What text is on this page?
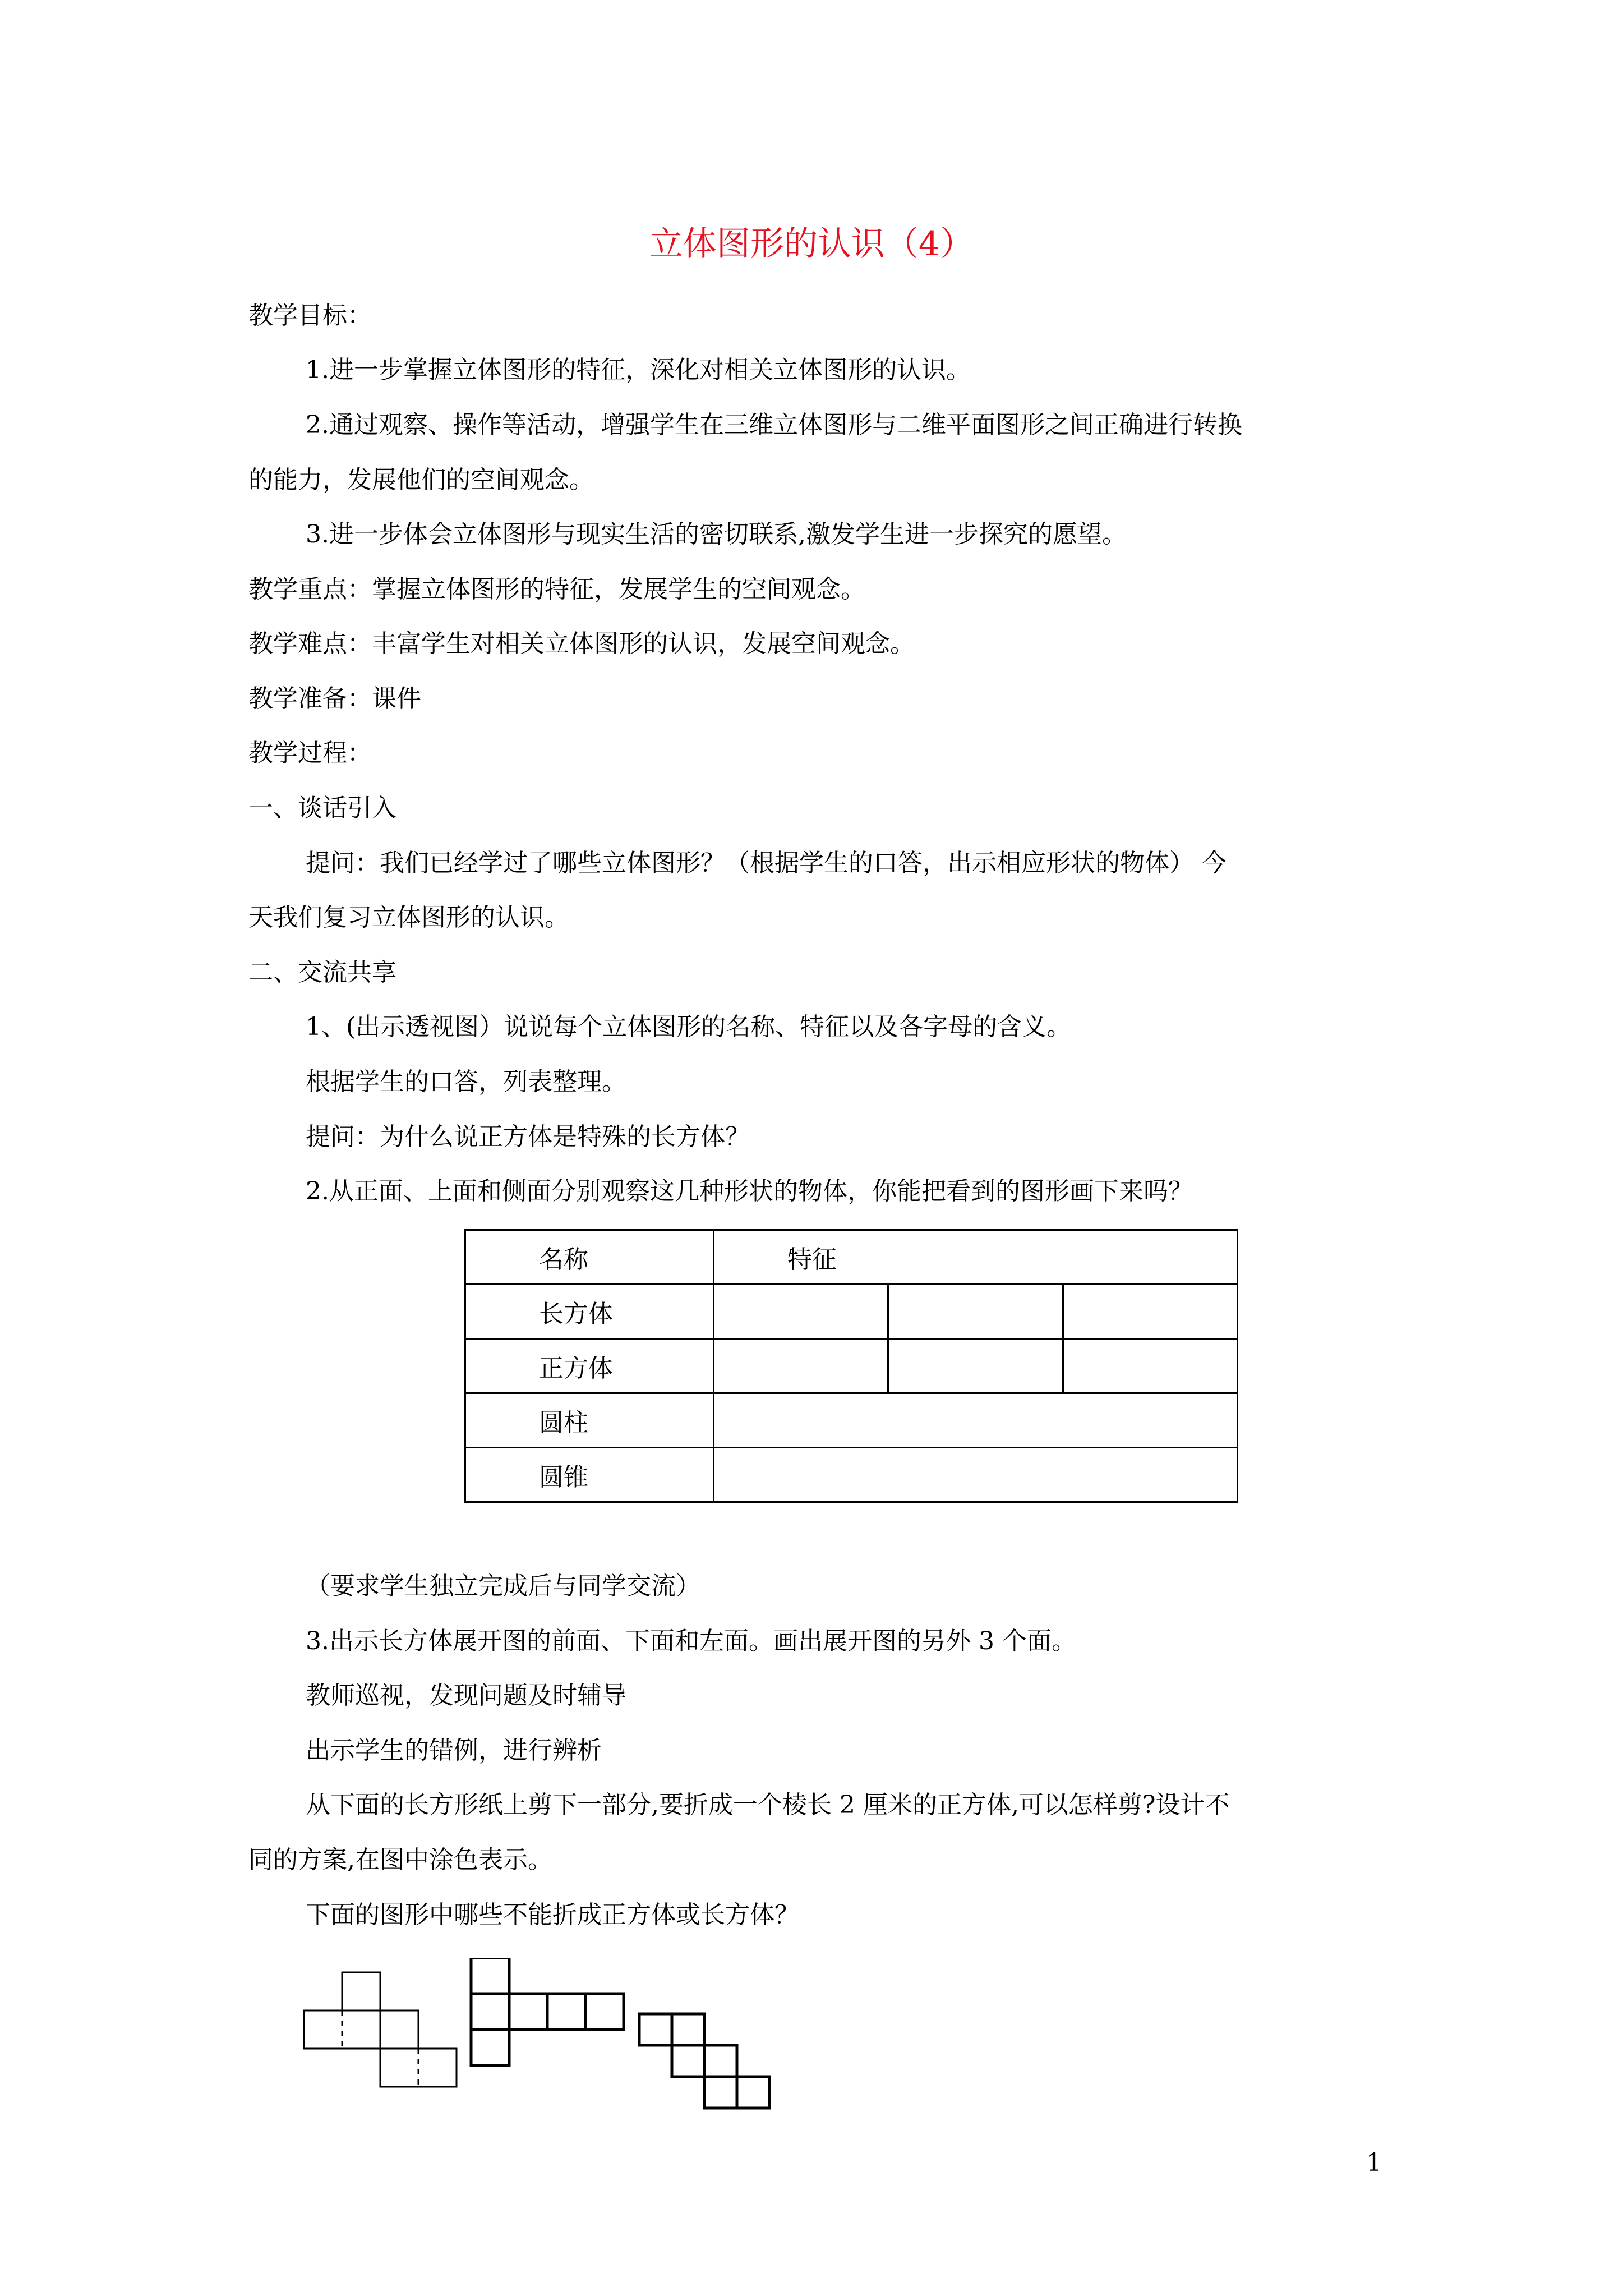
立体图形的认识（4）
教学目标：
1.进一步掌握立体图形的特征，深化对相关立体图形的认识。
2.通过观察、操作等活动，增强学生在三维立体图形与二维平面图形之间正确进行转换
的能力，发展他们的空间观念。
3.进一步体会立体图形与现实生活的密切联系,激发学生进一步探究的愿望。
教学重点：掌握立体图形的特征，发展学生的空间观念。
教学难点：丰富学生对相关立体图形的认识，发展空间观念。
教学准备：课件
教学过程：
一、谈话引入
提问：我们已经学过了哪些立体图形？（根据学生的口答，出示相应形状的物体） 今
天我们复习立体图形的认识。
二、交流共享
1、(出示透视图）说说每个立体图形的名称、特征以及各字母的含义。
根据学生的口答，列表整理。
提问：为什么说正方体是特殊的长方体？
2.从正面、上面和侧面分别观察这几种形状的物体，你能把看到的图形画下来吗？
名称	特征		
长方体			
正方体			
圆柱			
圆锥			
（要求学生独立完成后与同学交流）
3.出示长方体展开图的前面、下面和左面。画出展开图的另外 3 个面。
教师巡视，发现问题及时辅导
出示学生的错例，进行辨析
从下面的长方形纸上剪下一部分,要折成一个棱长 2 厘米的正方体,可以怎样剪?设计不
同的方案,在图中涂色表示。
下面的图形中哪些不能折成正方体或长方体？
1
